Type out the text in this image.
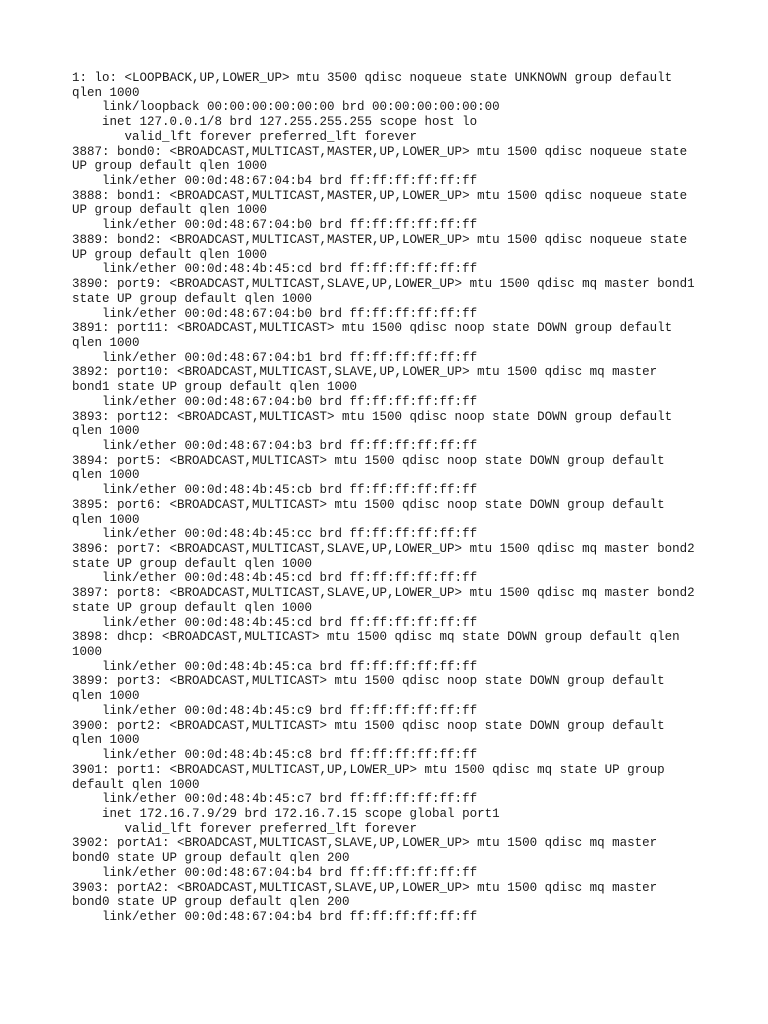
1: lo: <LOOPBACK,UP,LOWER_UP> mtu 3500 qdisc noqueue state UNKNOWN group default
qlen 1000
link/loopback 00:00:00:00:00:00 brd 00:00:00:00:00:00
inet 127.0.0.1/8 brd 127.255.255.255 scope host lo
valid_lft forever preferred_lft forever
3887: bond0: <BROADCAST,MULTICAST,MASTER,UP,LOWER_UP> mtu 1500 qdisc noqueue state
UP group default qlen 1000
link/ether 00:0d:48:67:04:b4 brd ff:ff:ff:ff:ff:ff
3888: bond1: <BROADCAST,MULTICAST,MASTER,UP,LOWER_UP> mtu 1500 qdisc noqueue state
UP group default qlen 1000
link/ether 00:0d:48:67:04:b0 brd ff:ff:ff:ff:ff:ff
3889: bond2: <BROADCAST,MULTICAST,MASTER,UP,LOWER_UP> mtu 1500 qdisc noqueue state
UP group default qlen 1000
link/ether 00:0d:48:4b:45:cd brd ff:ff:ff:ff:ff:ff
3890: port9: <BROADCAST,MULTICAST,SLAVE,UP,LOWER_UP> mtu 1500 qdisc mq master bond1
state UP group default qlen 1000
link/ether 00:0d:48:67:04:b0 brd ff:ff:ff:ff:ff:ff
3891: port11: <BROADCAST,MULTICAST> mtu 1500 qdisc noop state DOWN group default
qlen 1000
link/ether 00:0d:48:67:04:b1 brd ff:ff:ff:ff:ff:ff
3892: port10: <BROADCAST,MULTICAST,SLAVE,UP,LOWER_UP> mtu 1500 qdisc mq master
bond1 state UP group default qlen 1000
link/ether 00:0d:48:67:04:b0 brd ff:ff:ff:ff:ff:ff
3893: port12: <BROADCAST,MULTICAST> mtu 1500 qdisc noop state DOWN group default
qlen 1000
link/ether 00:0d:48:67:04:b3 brd ff:ff:ff:ff:ff:ff
3894: port5: <BROADCAST,MULTICAST> mtu 1500 qdisc noop state DOWN group default
qlen 1000
link/ether 00:0d:48:4b:45:cb brd ff:ff:ff:ff:ff:ff
3895: port6: <BROADCAST,MULTICAST> mtu 1500 qdisc noop state DOWN group default
qlen 1000
link/ether 00:0d:48:4b:45:cc brd ff:ff:ff:ff:ff:ff
3896: port7: <BROADCAST,MULTICAST,SLAVE,UP,LOWER_UP> mtu 1500 qdisc mq master bond2
state UP group default qlen 1000
link/ether 00:0d:48:4b:45:cd brd ff:ff:ff:ff:ff:ff
3897: port8: <BROADCAST,MULTICAST,SLAVE,UP,LOWER_UP> mtu 1500 qdisc mq master bond2
state UP group default qlen 1000
link/ether 00:0d:48:4b:45:cd brd ff:ff:ff:ff:ff:ff
3898: dhcp: <BROADCAST,MULTICAST> mtu 1500 qdisc mq state DOWN group default qlen
1000
link/ether 00:0d:48:4b:45:ca brd ff:ff:ff:ff:ff:ff
3899: port3: <BROADCAST,MULTICAST> mtu 1500 qdisc noop state DOWN group default
qlen 1000
link/ether 00:0d:48:4b:45:c9 brd ff:ff:ff:ff:ff:ff
3900: port2: <BROADCAST,MULTICAST> mtu 1500 qdisc noop state DOWN group default
qlen 1000
link/ether 00:0d:48:4b:45:c8 brd ff:ff:ff:ff:ff:ff
3901: port1: <BROADCAST,MULTICAST,UP,LOWER_UP> mtu 1500 qdisc mq state UP group
default qlen 1000
link/ether 00:0d:48:4b:45:c7 brd ff:ff:ff:ff:ff:ff
inet 172.16.7.9/29 brd 172.16.7.15 scope global port1
valid_lft forever preferred_lft forever
3902: portA1: <BROADCAST,MULTICAST,SLAVE,UP,LOWER_UP> mtu 1500 qdisc mq master
bond0 state UP group default qlen 200
link/ether 00:0d:48:67:04:b4 brd ff:ff:ff:ff:ff:ff
3903: portA2: <BROADCAST,MULTICAST,SLAVE,UP,LOWER_UP> mtu 1500 qdisc mq master
bond0 state UP group default qlen 200
link/ether 00:0d:48:67:04:b4 brd ff:ff:ff:ff:ff:ff
